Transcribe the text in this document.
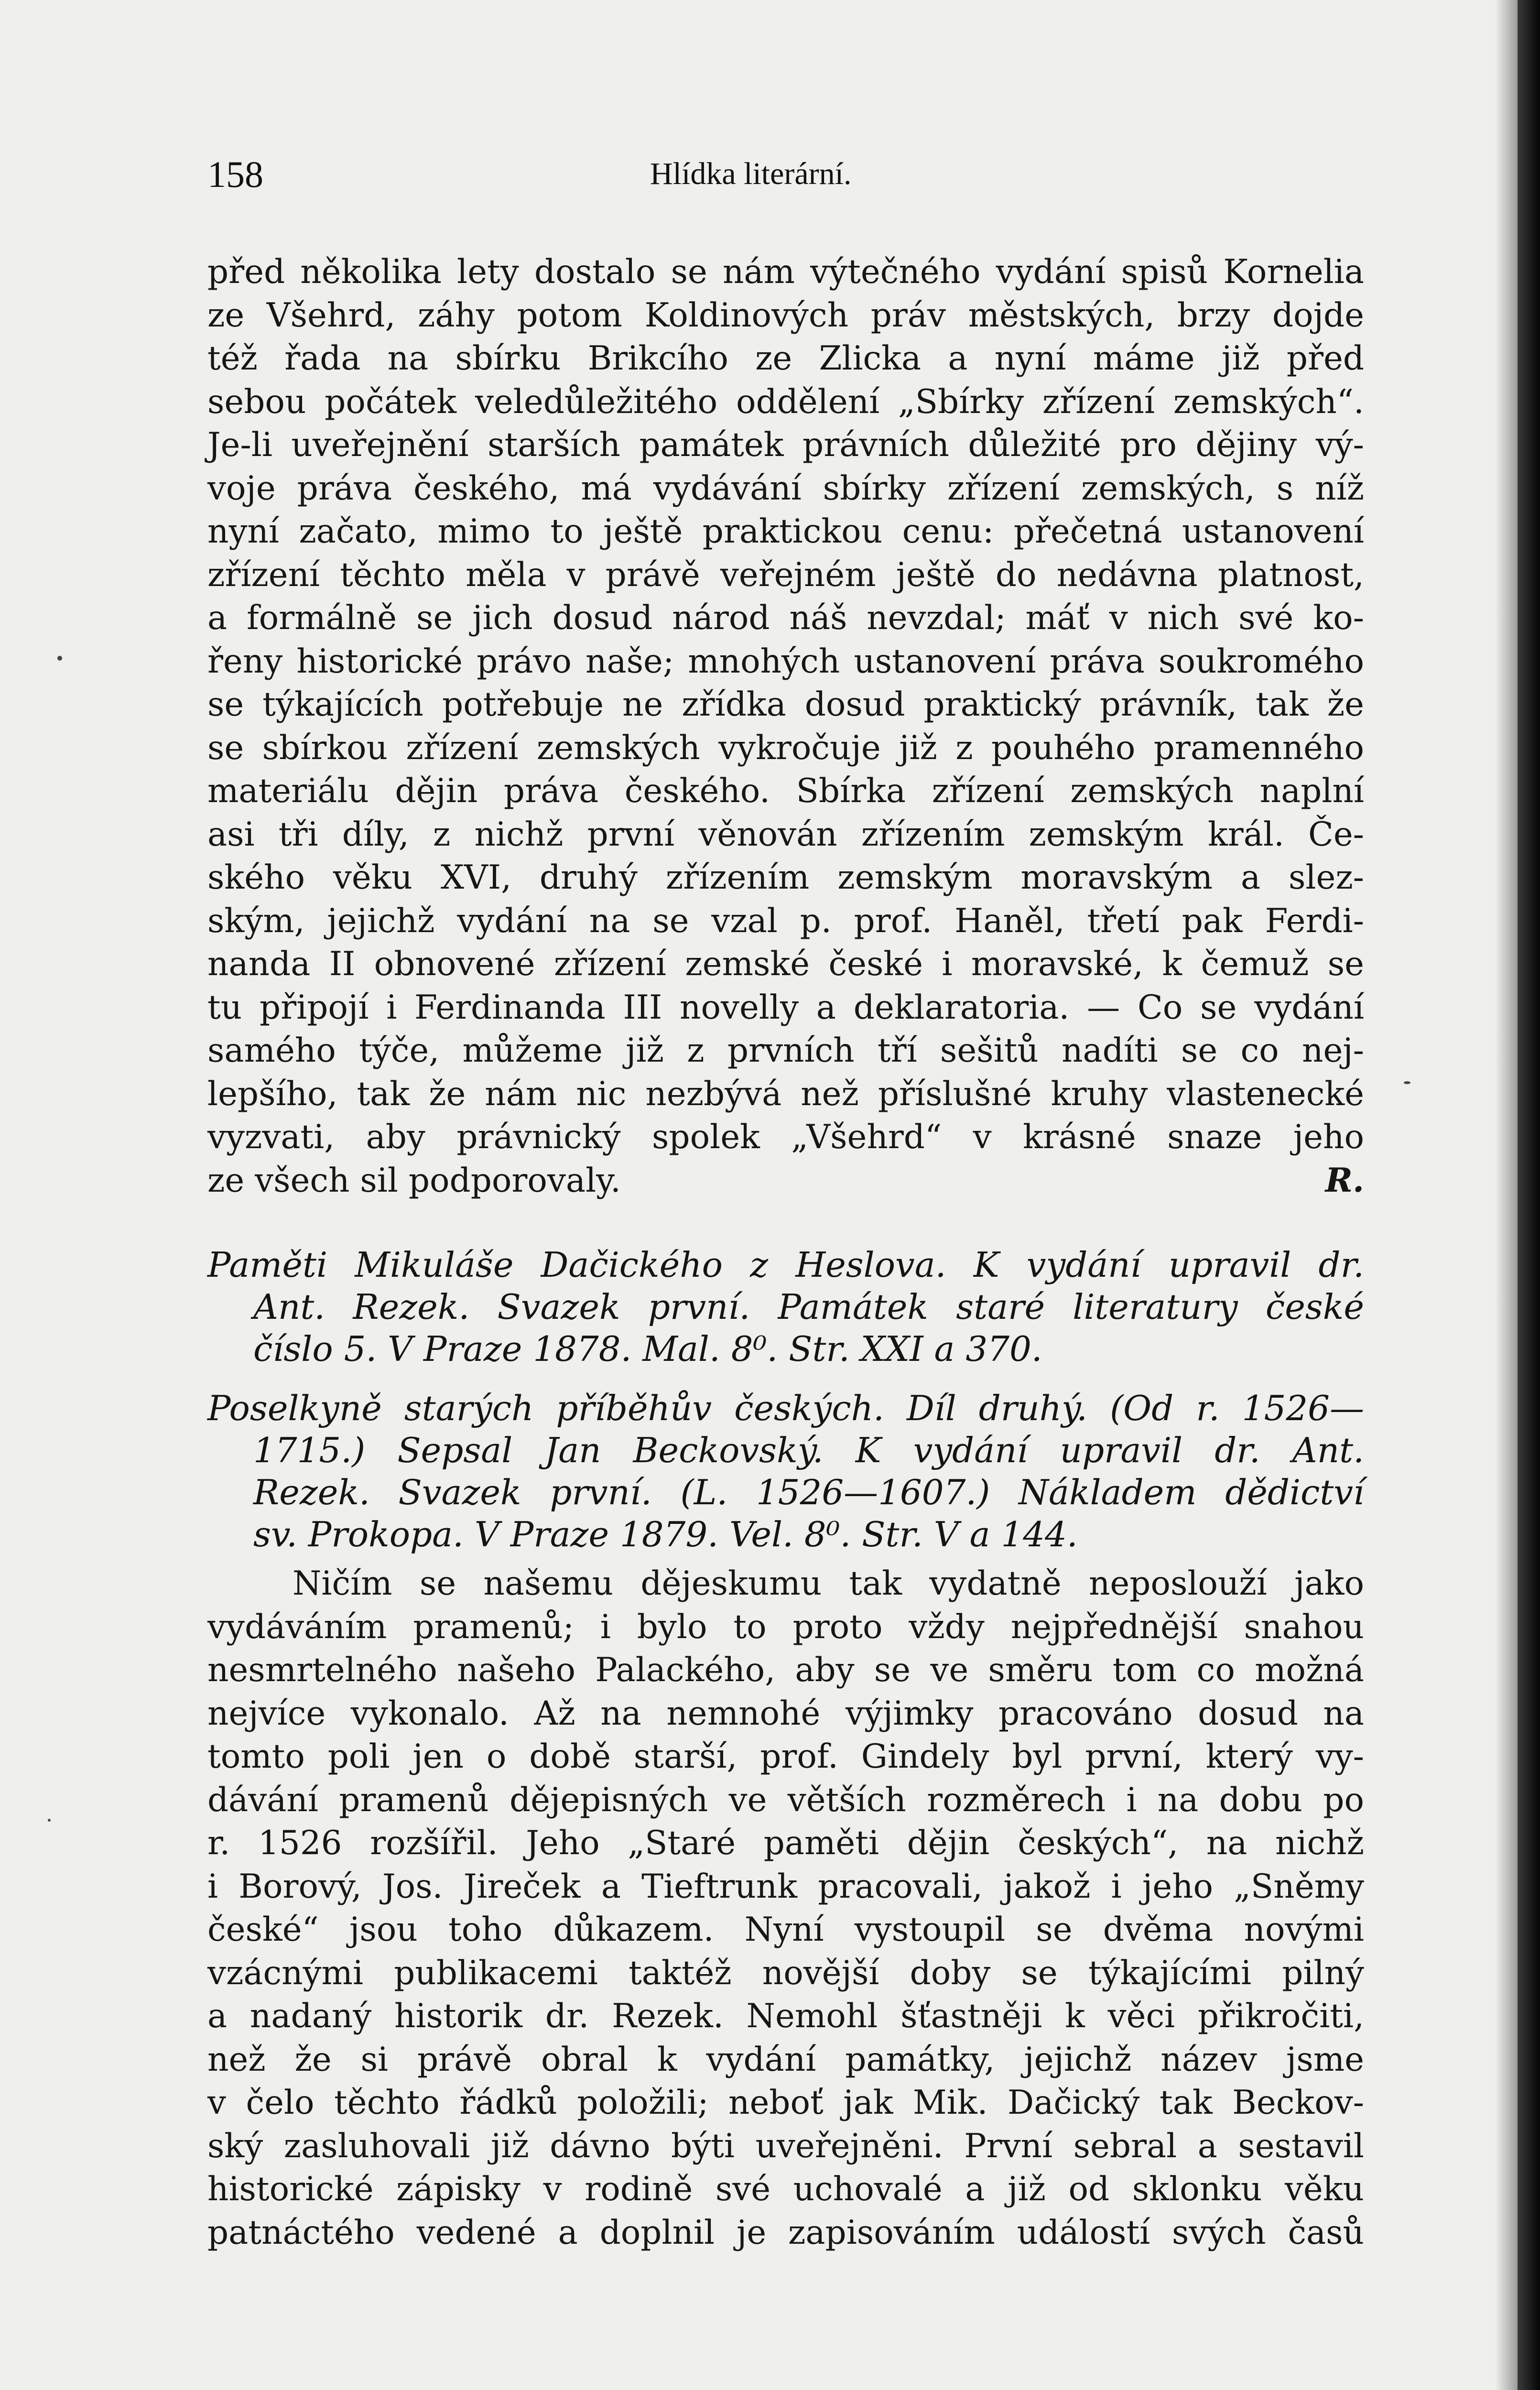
158	Hlídka literární.
před několika lety dostalo se nám výtečného vydání spisů Kornelia
ze Všehrd, záhy potom Koldinových práv městských, brzy dojde
též řada na sbírku Brikcího ze Zlicka a nyní máme již před
sebou počátek veledůležitého oddělení „Sbírky zřízení zemských“.
Je-li uveřejnění starších památek právních důležité pro dějiny vý-
voje práva českého, má vydávání sbírky zřízení zemských, s níž
nyní začato, mimo to ještě praktickou cenu: přečetná ustanovení
zřízení těchto měla v právě veřejném ještě do nedávna platnost,
a formálně se jich dosud národ náš nevzdal; máť v nich své ko-
řeny historické právo naše; mnohých ustanovení práva soukromého
se týkajících potřebuje ne zřídka dosud praktický právník, tak že
se sbírkou zřízení zemských vykročuje již z pouhého pramenného
materiálu dějin práva českého. Sbírka zřízení zemských naplní
asi tři díly, z nichž první věnován zřízením zemským král. Če-
ského věku XVI, druhý zřízením zemským moravským a slez-
ským, jejichž vydání na se vzal p. prof. Haněl, třetí pak Ferdi-
nanda II obnovené zřízení zemské české i moravské, k čemuž se
tu připojí i Ferdinanda III novelly a deklaratoria. — Co se vydání
samého týče, můžeme již z prvních tří sešitů nadíti se co nej-
lepšího, tak že nám nic nezbývá než příslušné kruhy vlastenecké
vyzvati, aby právnický spolek „Všehrd“ v krásné snaze jeho
ze všech sil podporovaly.	R.
Paměti Mikuláše Dačického z Heslova. K vydání upravil dr.
Ant. Rezek. Svazek první. Památek staré literatury české
číslo 5. V Praze 1878. Mal. 8⁰. Str. XXI a 370.
Poselkyně starých příběhův českých. Díl druhý. (Od r. 1526—
1715.) Sepsal Jan Beckovský. K vydání upravil dr. Ant.
Rezek. Svazek první. (L. 1526—1607.) Nákladem dědictví
sv. Prokopa. V Praze 1879. Vel. 8⁰. Str. V a 144.
Ničím se našemu dějeskumu tak vydatně neposlouží jako
vydáváním pramenů; i bylo to proto vždy nejpřednější snahou
nesmrtelného našeho Palackého, aby se ve směru tom co možná
nejvíce vykonalo. Až na nemnohé výjimky pracováno dosud na
tomto poli jen o době starší, prof. Gindely byl první, který vy-
dávání pramenů dějepisných ve větších rozměrech i na dobu po
r. 1526 rozšířil. Jeho „Staré paměti dějin českých“, na nichž
i Borový, Jos. Jireček a Tieftrunk pracovali, jakož i jeho „Sněmy
české“ jsou toho důkazem. Nyní vystoupil se dvěma novými
vzácnými publikacemi taktéž novější doby se týkajícími pilný
a nadaný historik dr. Rezek. Nemohl šťastněji k věci přikročiti,
než že si právě obral k vydání památky, jejichž název jsme
v čelo těchto řádků položili; neboť jak Mik. Dačický tak Beckov-
ský zasluhovali již dávno býti uveřejněni. První sebral a sestavil
historické zápisky v rodině své uchovalé a již od sklonku věku
patnáctého vedené a doplnil je zapisováním událostí svých časů
